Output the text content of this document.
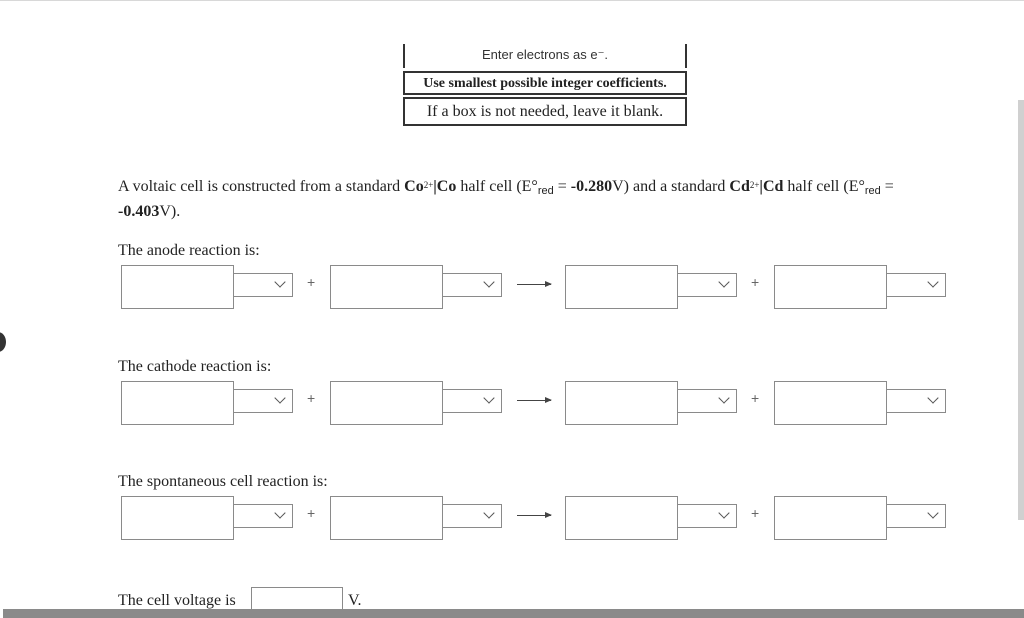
Enter electrons as e⁻.
Use smallest possible integer coefficients.
If a box is not needed, leave it blank.
A voltaic cell is constructed from a standard $Co^{2+}|Co$ half cell $(E^\circ_{red} = -0.280V)$ and a standard $Cd^{2+}|Cd$ half cell ($E^\circ_{red}$ =
-0.403V).
The anode reaction is:
+	+
The cathode reaction is:
+	+
The spontaneous cell reaction is:
+	+
The cell voltage is	V.
